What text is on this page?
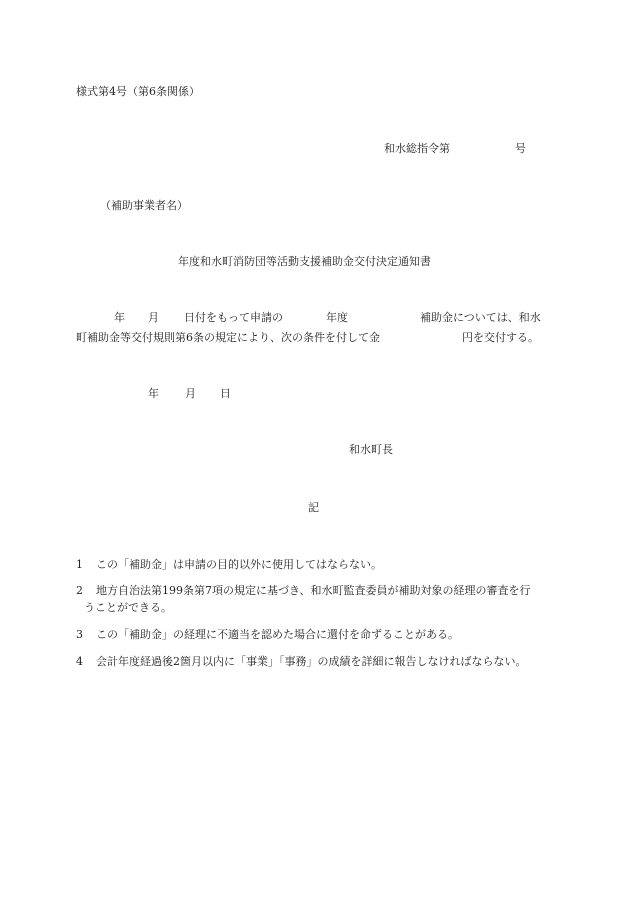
様式第4号（第6条関係）
和水総指令第	号
（補助事業者名）
年度和水町消防団等活動支援補助金交付決定通知書
年 月 日付をもって申請の	年度	補助金については、和水
町補助金等交付規則第6条の規定により、次の条件を付して金	円を交付する。
年 月 日
和水町長
記
1 この「補助金」は申請の目的以外に使用してはならない。
2 地方自治法第199条第7項の規定に基づき、和水町監査委員が補助対象の経理の審査を行
うことができる。
3 この「補助金」の経理に不適当を認めた場合に還付を命ずることがある。
4 会計年度経過後2箇月以内に「事業」「事務」の成績を詳細に報告しなければならない。
